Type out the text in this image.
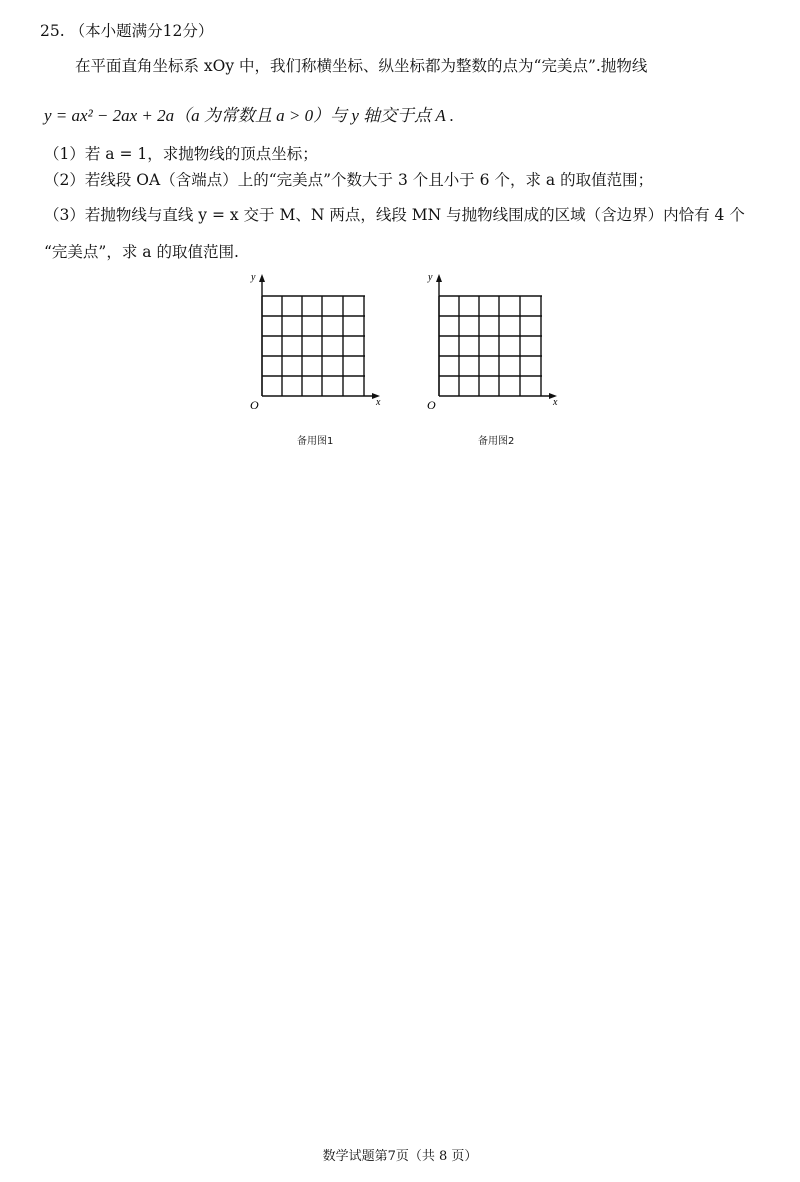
25. （本小题满分12分）
在平面直角坐标系 xOy 中，我们称横坐标、纵坐标都为整数的点为“完美点”.抛物线
y = ax² − 2ax + 2a（a 为常数且 a > 0）与 y 轴交于点 A .
（1）若 a = 1，求抛物线的顶点坐标；
（2）若线段 OA（含端点）上的“完美点”个数大于 3 个且小于 6 个，求 a 的取值范围；
（3）若抛物线与直线 y = x 交于 M、N 两点，线段 MN 与抛物线围成的区域（含边界）内恰有 4 个
“完美点”，求 a 的取值范围.
y
x
O
备用图1
y
x
O
备用图2
数学试题第7页（共 8 页）
